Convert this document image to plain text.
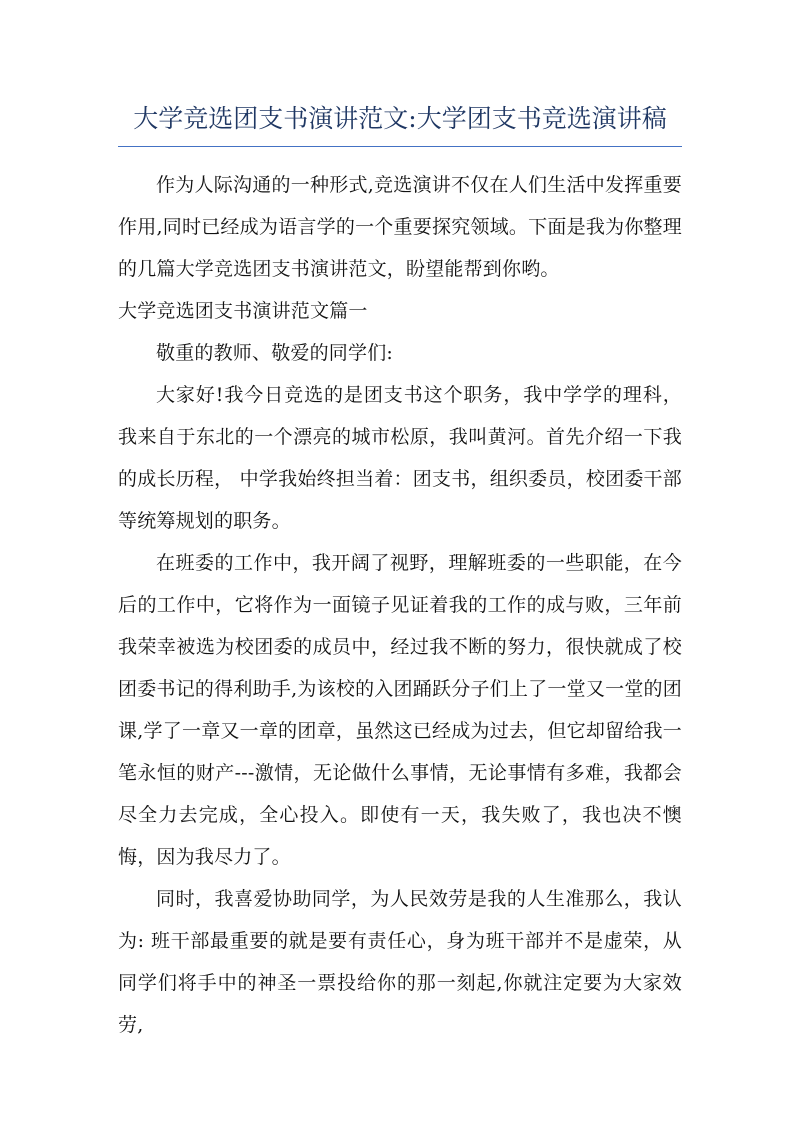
大学竞选团支书演讲范文:大学团支书竞选演讲稿

作为人际沟通的一种形式,竞选演讲不仅在人们生活中发挥重要作用,同时已经成为语言学的一个重要探究领域。下面是我为你整理的几篇大学竞选团支书演讲范文，盼望能帮到你哟。

大学竞选团支书演讲范文篇一

敬重的教师、敬爱的同学们:

大家好!我今日竞选的是团支书这个职务，我中学学的理科，我来自于东北的一个漂亮的城市松原，我叫黄河。首先介绍一下我的成长历程， 中学我始终担当着：团支书，组织委员，校团委干部等统筹规划的职务。

在班委的工作中，我开阔了视野，理解班委的一些职能，在今后的工作中，它将作为一面镜子见证着我的工作的成与败，三年前我荣幸被选为校团委的成员中，经过我不断的努力，很快就成了校团委书记的得利助手,为该校的入团踊跃分子们上了一堂又一堂的团课,学了一章又一章的团章，虽然这已经成为过去，但它却留给我一笔永恒的财产---激情，无论做什么事情，无论事情有多难，我都会尽全力去完成，全心投入。即使有一天，我失败了，我也决不懊悔，因为我尽力了。

同时，我喜爱协助同学，为人民效劳是我的人生准那么，我认为: 班干部最重要的就是要有责任心，身为班干部并不是虚荣，从同学们将手中的神圣一票投给你的那一刻起,你就注定要为大家效劳,
